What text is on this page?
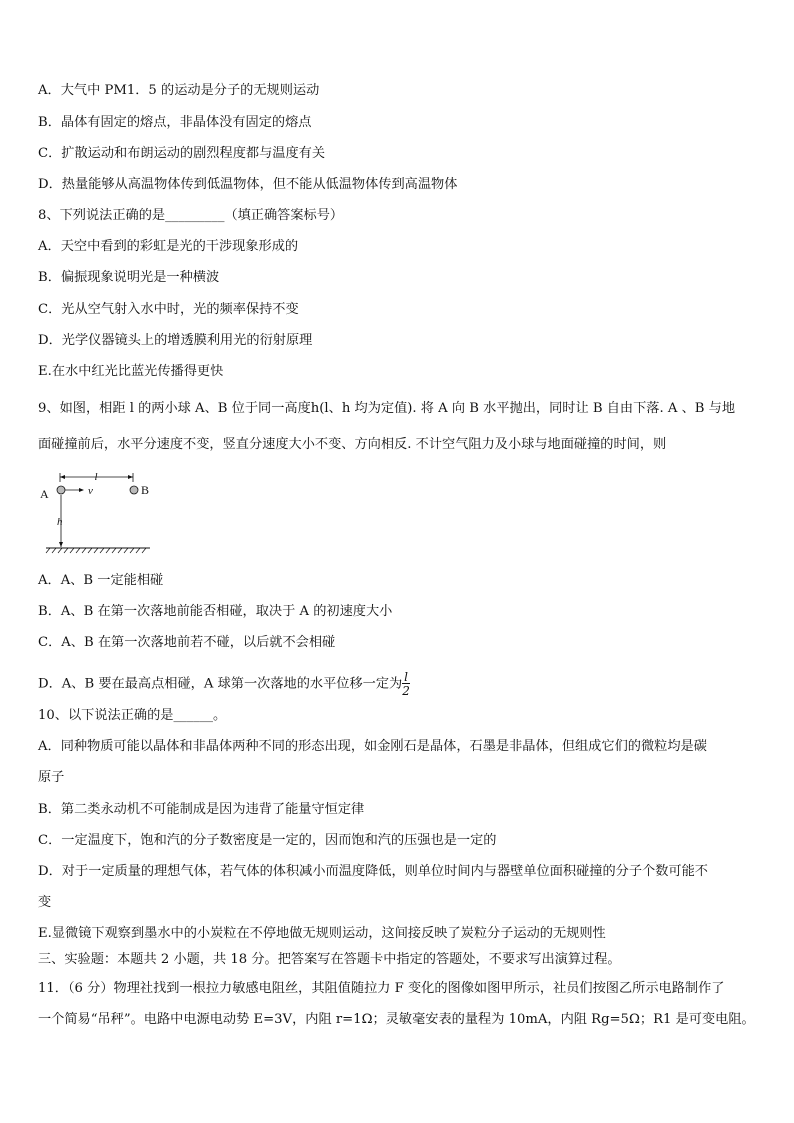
A．大气中 PM1．5 的运动是分子的无规则运动
B．晶体有固定的熔点，非晶体没有固定的熔点
C．扩散运动和布朗运动的剧烈程度都与温度有关
D．热量能够从高温物体传到低温物体，但不能从低温物体传到高温物体
8、下列说法正确的是_________（填正确答案标号）
A．天空中看到的彩虹是光的干涉现象形成的
B．偏振现象说明光是一种横波
C．光从空气射入水中时，光的频率保持不变
D．光学仪器镜头上的增透膜利用光的衍射原理
E.在水中红光比蓝光传播得更快
9、如图，相距 l 的两小球 A、B 位于同一高度h(l、h 均为定值). 将 A 向 B 水平抛出，同时让 B 自由下落. A 、B 与地
面碰撞前后，水平分速度不变，竖直分速度大小不变、方向相反. 不计空气阻力及小球与地面碰撞的时间，则
l
A	v	B
h
A．A、B 一定能相碰
B．A、B 在第一次落地前能否相碰，取决于 A 的初速度大小
C．A、B 在第一次落地前若不碰，以后就不会相碰
D．A、B 要在最高点相碰，A 球第一次落地的水平位移一定为 $\frac{l}{2}$
10、以下说法正确的是______。
A．同种物质可能以晶体和非晶体两种不同的形态出现，如金刚石是晶体，石墨是非晶体，但组成它们的微粒均是碳
原子
B．第二类永动机不可能制成是因为违背了能量守恒定律
C．一定温度下，饱和汽的分子数密度是一定的，因而饱和汽的压强也是一定的
D．对于一定质量的理想气体，若气体的体积减小而温度降低，则单位时间内与器壁单位面积碰撞的分子个数可能不
变
E.显微镜下观察到墨水中的小炭粒在不停地做无规则运动，这间接反映了炭粒分子运动的无规则性
三、实验题：本题共 2 小题，共 18 分。把答案写在答题卡中指定的答题处，不要求写出演算过程。
11．（6 分）物理社找到一根拉力敏感电阻丝，其阻值随拉力 F 变化的图像如图甲所示，社员们按图乙所示电路制作了
一个简易“吊秤”。电路中电源电动势 E=3V，内阻 r=1Ω；灵敏毫安表的量程为 10mA，内阻 Rg=5Ω；R1 是可变电阻。
